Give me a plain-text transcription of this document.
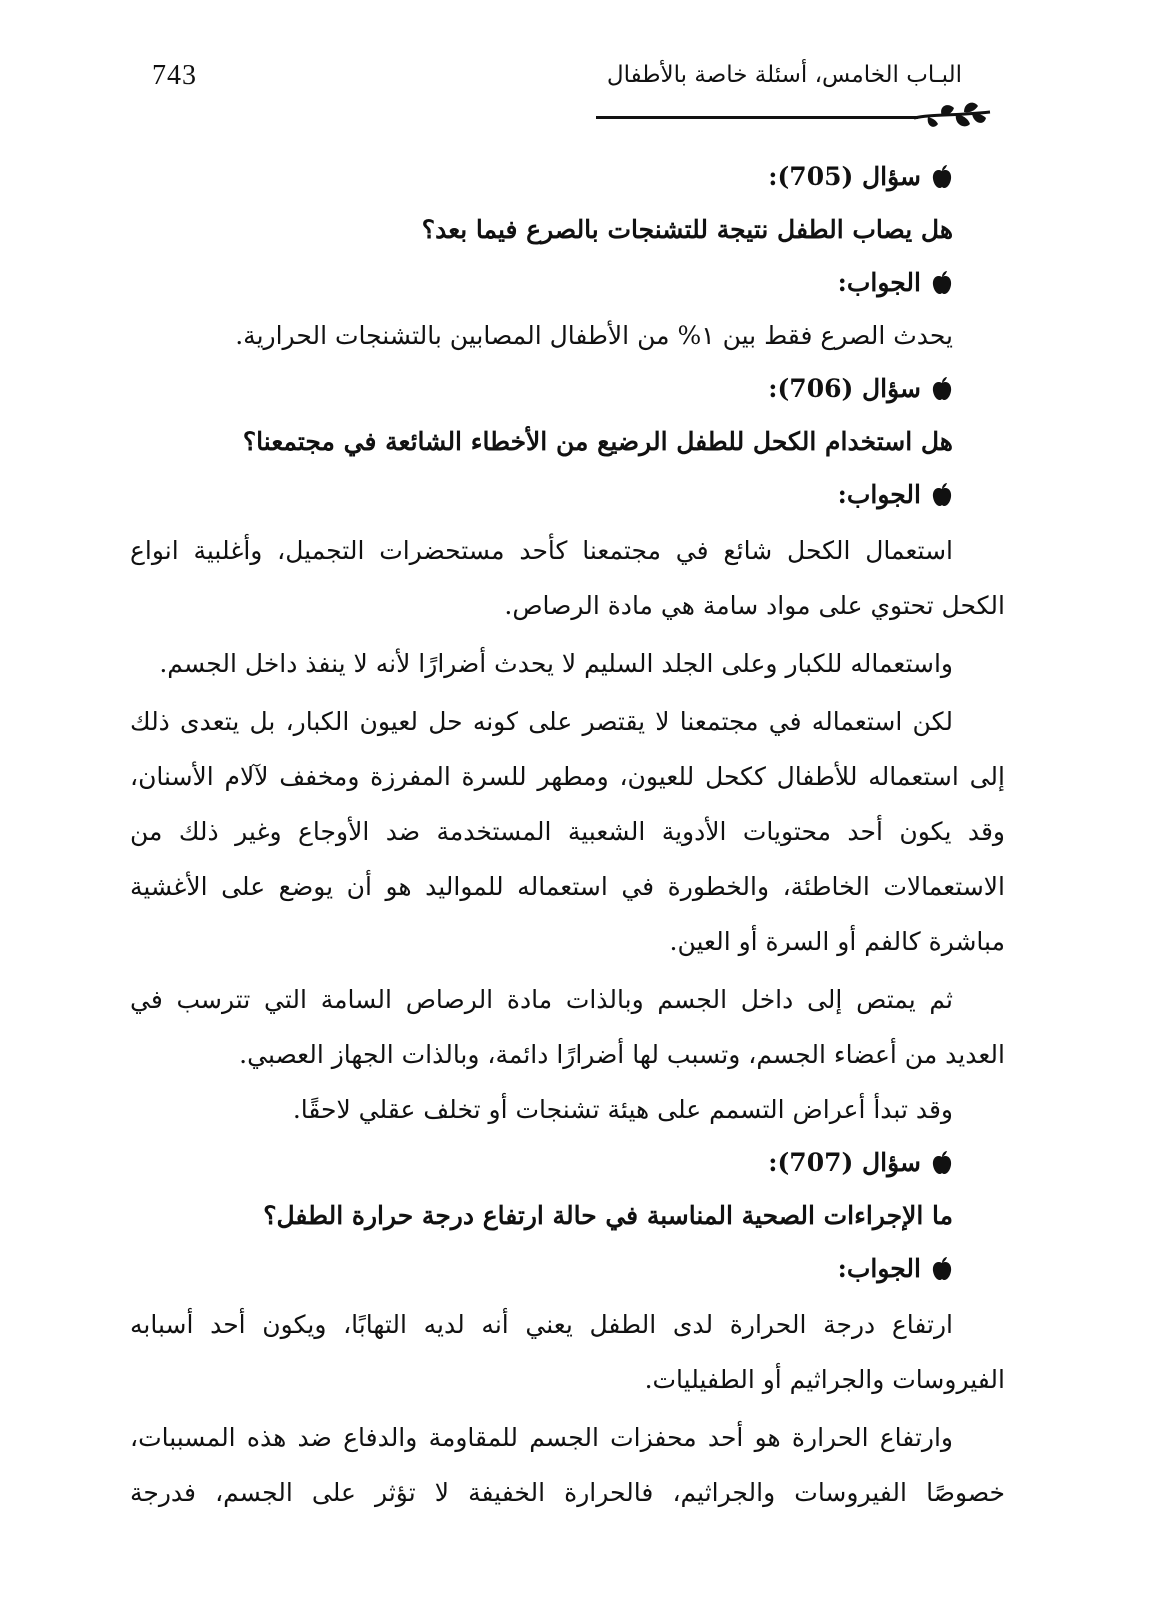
743	البـاب الخامس، أسئلة خاصة بالأطفال
سؤال (705):
هل يصاب الطفل نتيجة للتشنجات بالصرع فيما بعد؟
الجواب:
يحدث الصرع فقط بين ١% من الأطفال المصابين بالتشنجات الحرارية.
سؤال (706):
هل استخدام الكحل للطفل الرضيع من الأخطاء الشائعة في مجتمعنا؟
الجواب:

استعمال الكحل شائع في مجتمعنا كأحد مستحضرات التجميل، وأغلبية انواع الكحل تحتوي على مواد سامة هي مادة الرصاص.

واستعماله للكبار وعلى الجلد السليم لا يحدث أضرارًا لأنه لا ينفذ داخل الجسم.

لكن استعماله في مجتمعنا لا يقتصر على كونه حل لعيون الكبار، بل يتعدى ذلك إلى استعماله للأطفال ككحل للعيون، ومطهر للسرة المفرزة ومخفف لآلام الأسنان، وقد يكون أحد محتويات الأدوية الشعبية المستخدمة ضد الأوجاع وغير ذلك من الاستعمالات الخاطئة، والخطورة في استعماله للمواليد هو أن يوضع على الأغشية مباشرة كالفم أو السرة أو العين.

ثم يمتص إلى داخل الجسم وبالذات مادة الرصاص السامة التي تترسب في العديد من أعضاء الجسم، وتسبب لها أضرارًا دائمة، وبالذات الجهاز العصبي.

وقد تبدأ أعراض التسمم على هيئة تشنجات أو تخلف عقلي لاحقًا.
سؤال (707):
ما الإجراءات الصحية المناسبة في حالة ارتفاع درجة حرارة الطفل؟
الجواب:

ارتفاع درجة الحرارة لدى الطفل يعني أنه لديه التهابًا، ويكون أحد أسبابه الفيروسات والجراثيم أو الطفيليات.

وارتفاع الحرارة هو أحد محفزات الجسم للمقاومة والدفاع ضد هذه المسببات، خصوصًا الفيروسات والجراثيم، فالحرارة الخفيفة لا تؤثر على الجسم، فدرجة
